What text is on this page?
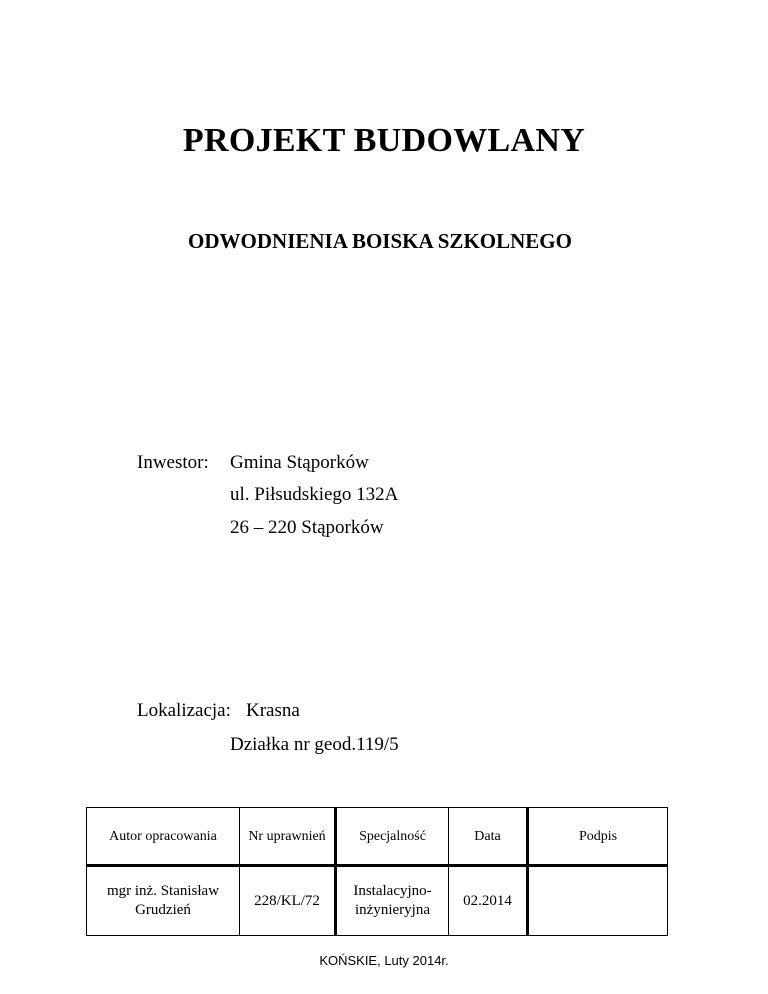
PROJEKT BUDOWLANY
ODWODNIENIA BOISKA SZKOLNEGO
Inwestor: Gmina Stąporków
ul. Piłsudskiego 132A
26 – 220 Stąporków
Lokalizacja: Krasna
Działka nr geod.119/5
Autor opracowania	Nr uprawnień	Specjalność	Data	Podpis
mgr inż. Stanisław Grudzień	228/KL/72	Instalacyjno-inżynieryjna	02.2014	
KOŃSKIE, Luty 2014r.
